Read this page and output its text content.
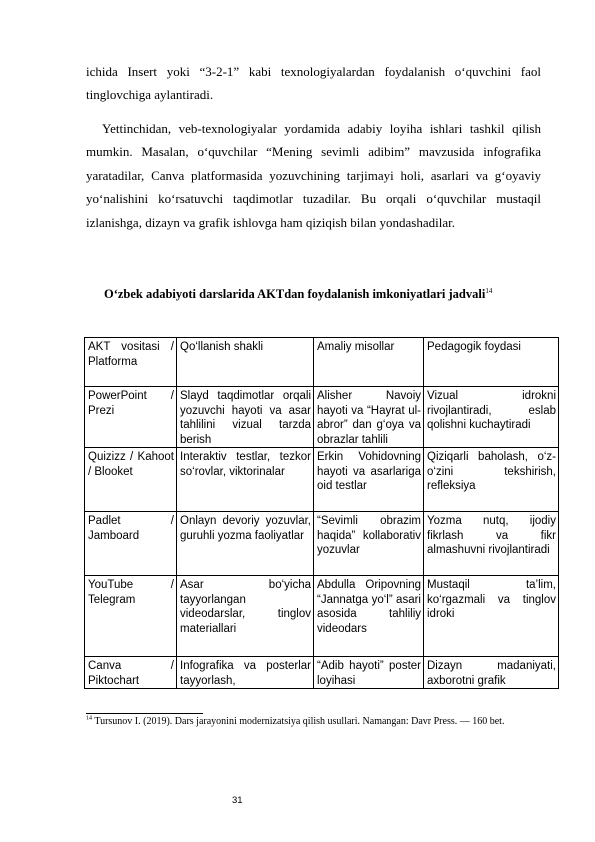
ichida Insert yoki “3-2-1” kabi texnologiyalardan foydalanish o‘quvchini faol tinglovchiga aylantiradi.

Yettinchidan, veb-texnologiyalar yordamida adabiy loyiha ishlari tashkil qilish mumkin. Masalan, o‘quvchilar “Mening sevimli adibim” mavzusida infografika yaratadilar, Canva platformasida yozuvchining tarjimayi holi, asarlari va g‘oyaviy yo‘nalishini ko‘rsatuvchi taqdimotlar tuzadilar. Bu orqali o‘quvchilar mustaqil izlanishga, dizayn va grafik ishlovga ham qiziqish bilan yondashadilar.

O‘zbek adabiyoti darslarida AKTdan foydalanish imkoniyatlari jadvali$^{14}$

AKT vositasi / Platforma	Qo‘llanish shakli	Amaliy misollar	Pedagogik foydasi
PowerPoint / Prezi	Slayd taqdimotlar orqali yozuvchi hayoti va asar tahlilini vizual tarzda berish	Alisher Navoiy hayoti va “Hayrat ul-abror” dan g‘oya va obrazlar tahlili	Vizual idrokni rivojlantiradi, eslab qolishni kuchaytiradi
Quizizz / Kahoot / Blooket	Interaktiv testlar, tezkor so‘rovlar, viktorinalar	Erkin Vohidovning hayoti va asarlariga oid testlar	Qiziqarli baholash, o‘z-o‘zini tekshirish, refleksiya
Padlet / Jamboard	Onlayn devoriy yozuvlar, guruhli yozma faoliyatlar	“Sevimli obrazim haqida” kollaborativ yozuvlar	Yozma nutq, ijodiy fikrlash va fikr almashuvni rivojlantiradi
YouTube / Telegram	Asar bo‘yicha tayyorlangan videodarslar, tinglov materiallari	Abdulla Oripovning “Jannatga yo‘l” asari asosida tahliliy videodars	Mustaqil ta’lim, ko‘rgazmali va tinglov idroki
Canva / Piktochart	Infografika va posterlar tayyorlash,	“Adib hayoti” poster loyihasi	Dizayn madaniyati, axborotni grafik

$^{14}$ Tursunov I. (2019). Dars jarayonini modernizatsiya qilish usullari. Namangan: Davr Press. — 160 bet.

31
